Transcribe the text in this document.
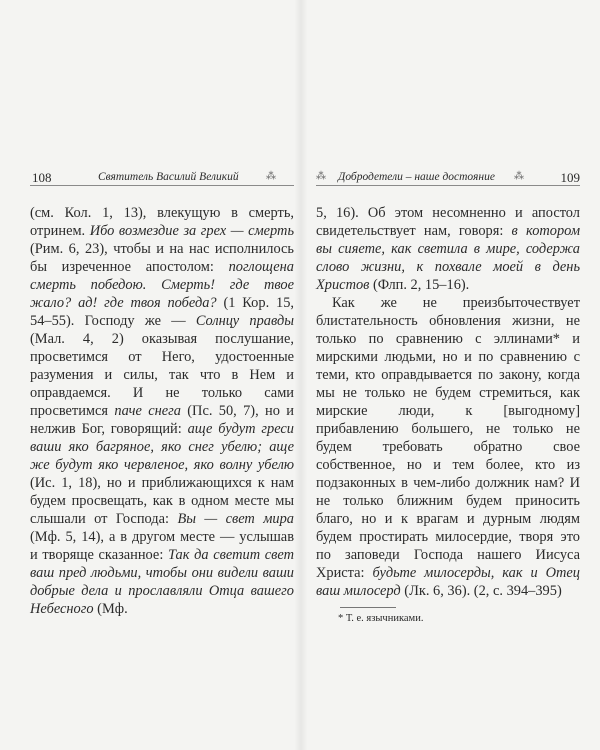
108	Святитель Василий Великий	⁂

(см. Кол. 1, 13), влекущую в смерть, отринем. Ибо возмездие за грех — смерть (Рим. 6, 23), чтобы и на нас исполнилось бы изреченное апостолом: поглощена смерть победою. Смерть! где твое жало? ад! где твоя победа? (1 Кор. 15, 54–55). Господу же — Солнцу правды (Мал. 4, 2) оказывая послушание, просветимся от Него, удостоенные разумения и силы, так что в Нем и оправдаемся. И не только сами просветимся паче снега (Пс. 50, 7), но и нелжив Бог, говорящий: аще будут греси ваши яко багряное, яко снег убелю; аще же будут яко червленое, яко волну убелю (Ис. 1, 18), но и приближающихся к нам будем просвещать, как в одном месте мы слышали от Господа: Вы — свет мира (Мф. 5, 14), а в другом месте — услышав и творяще сказанное: Так да светит свет ваш пред людьми, чтобы они видели ваши добрые дела и прославляли Отца вашего Небесного (Мф.

⁂ Добродетели – наше достояние ⁂	109

5, 16). Об этом несомненно и апостол свидетельствует нам, говоря: в котором вы сияете, как светила в мире, содержа слово жизни, к похвале моей в день Христов (Флп. 2, 15–16).

Как же не преизбыточествует блистательность обновления жизни, не только по сравнению с эллинами* и мирскими людьми, но и по сравнению с теми, кто оправдывается по закону, когда мы не только не будем стремиться, как мирские люди, к [выгодному] прибавлению большего, не только не будем требовать обратно свое собственное, но и тем более, кто из подзаконных в чем-либо должник нам? И не только ближним будем приносить благо, но и к врагам и дурным людям будем простирать милосердие, творя это по заповеди Господа нашего Иисуса Христа: будьте милосерды, как и Отец ваш милосерд (Лк. 6, 36). (2, с. 394–395)

* Т. е. язычниками.
